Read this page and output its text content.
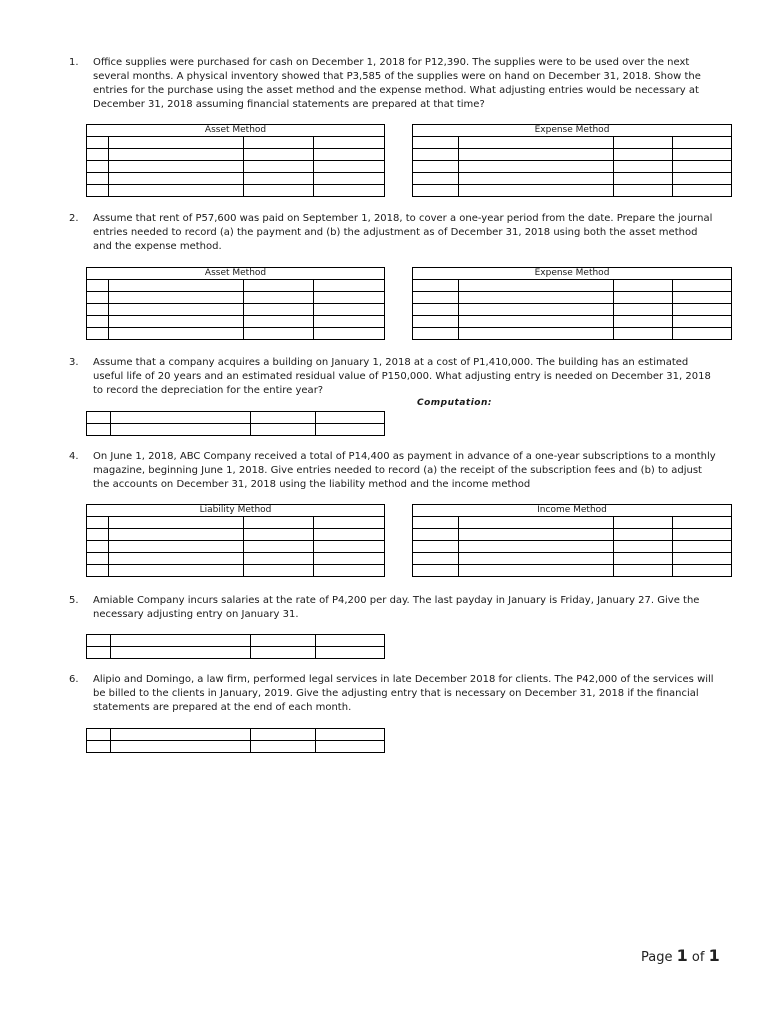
1. Office supplies were purchased for cash on December 1, 2018 for P12,390. The supplies were to be used over the next several months. A physical inventory showed that P3,585 of the supplies were on hand on December 31, 2018. Show the entries for the purchase using the asset method and the expense method. What adjusting entries would be necessary at December 31, 2018 assuming financial statements are prepared at that time?
Asset Method			

				Expense Method			

2. Assume that rent of P57,600 was paid on September 1, 2018, to cover a one-year period from the date. Prepare the journal entries needed to record (a) the payment and (b) the adjustment as of December 31, 2018 using both the asset method and the expense method.
Asset Method			

				Expense Method			

3. Assume that a company acquires a building on January 1, 2018 at a cost of P1,410,000. The building has an estimated useful life of 20 years and an estimated residual value of P150,000. What adjusting entry is needed on December 31, 2018 to record the depreciation for the entire year?
Computation:

4. On June 1, 2018, ABC Company received a total of P14,400 as payment in advance of a one-year subscriptions to a monthly magazine, beginning June 1, 2018. Give entries needed to record (a) the receipt of the subscription fees and (b) to adjust the accounts on December 31, 2018 using the liability method and the income method
Liability Method			

				Income Method			

5. Amiable Company incurs salaries at the rate of P4,200 per day. The last payday in January is Friday, January 27. Give the necessary adjusting entry on January 31.

6. Alipio and Domingo, a law firm, performed legal services in late December 2018 for clients. The P42,000 of the services will be billed to the clients in January, 2019. Give the adjusting entry that is necessary on December 31, 2018 if the financial statements are prepared at the end of each month.

Page 1 of 1
